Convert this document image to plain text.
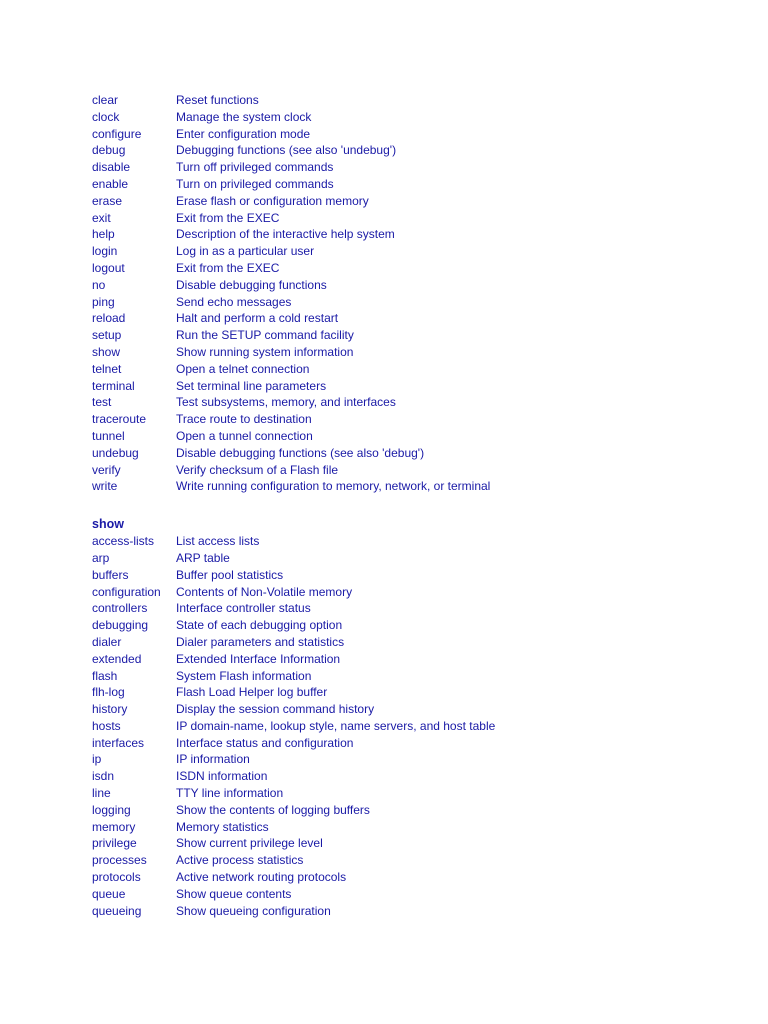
clear	Reset functions
clock	Manage the system clock
configure	Enter configuration mode
debug	Debugging functions (see also 'undebug')
disable	Turn off privileged commands
enable	Turn on privileged commands
erase	Erase flash or configuration memory
exit	Exit from the EXEC
help	Description of the interactive help system
login	Log in as a particular user
logout	Exit from the EXEC
no	Disable debugging functions
ping	Send echo messages
reload	Halt and perform a cold restart
setup	Run the SETUP command facility
show	Show running system information
telnet	Open a telnet connection
terminal	Set terminal line parameters
test	Test subsystems, memory, and interfaces
traceroute	Trace route to destination
tunnel	Open a tunnel connection
undebug	Disable debugging functions (see also 'debug')
verify	Verify checksum of a Flash file
write	Write running configuration to memory, network, or terminal
show
access-lists	List access lists
arp	ARP table
buffers	Buffer pool statistics
configuration	Contents of Non-Volatile memory
controllers	Interface controller status
debugging	State of each debugging option
dialer	Dialer parameters and statistics
extended	Extended Interface Information
flash	System Flash information
flh-log	Flash Load Helper log buffer
history	Display the session command history
hosts	IP domain-name, lookup style, name servers, and host table
interfaces	Interface status and configuration
ip	IP information
isdn	ISDN information
line	TTY line information
logging	Show the contents of logging buffers
memory	Memory statistics
privilege	Show current privilege level
processes	Active process statistics
protocols	Active network routing protocols
queue	Show queue contents
queueing	Show queueing configuration
